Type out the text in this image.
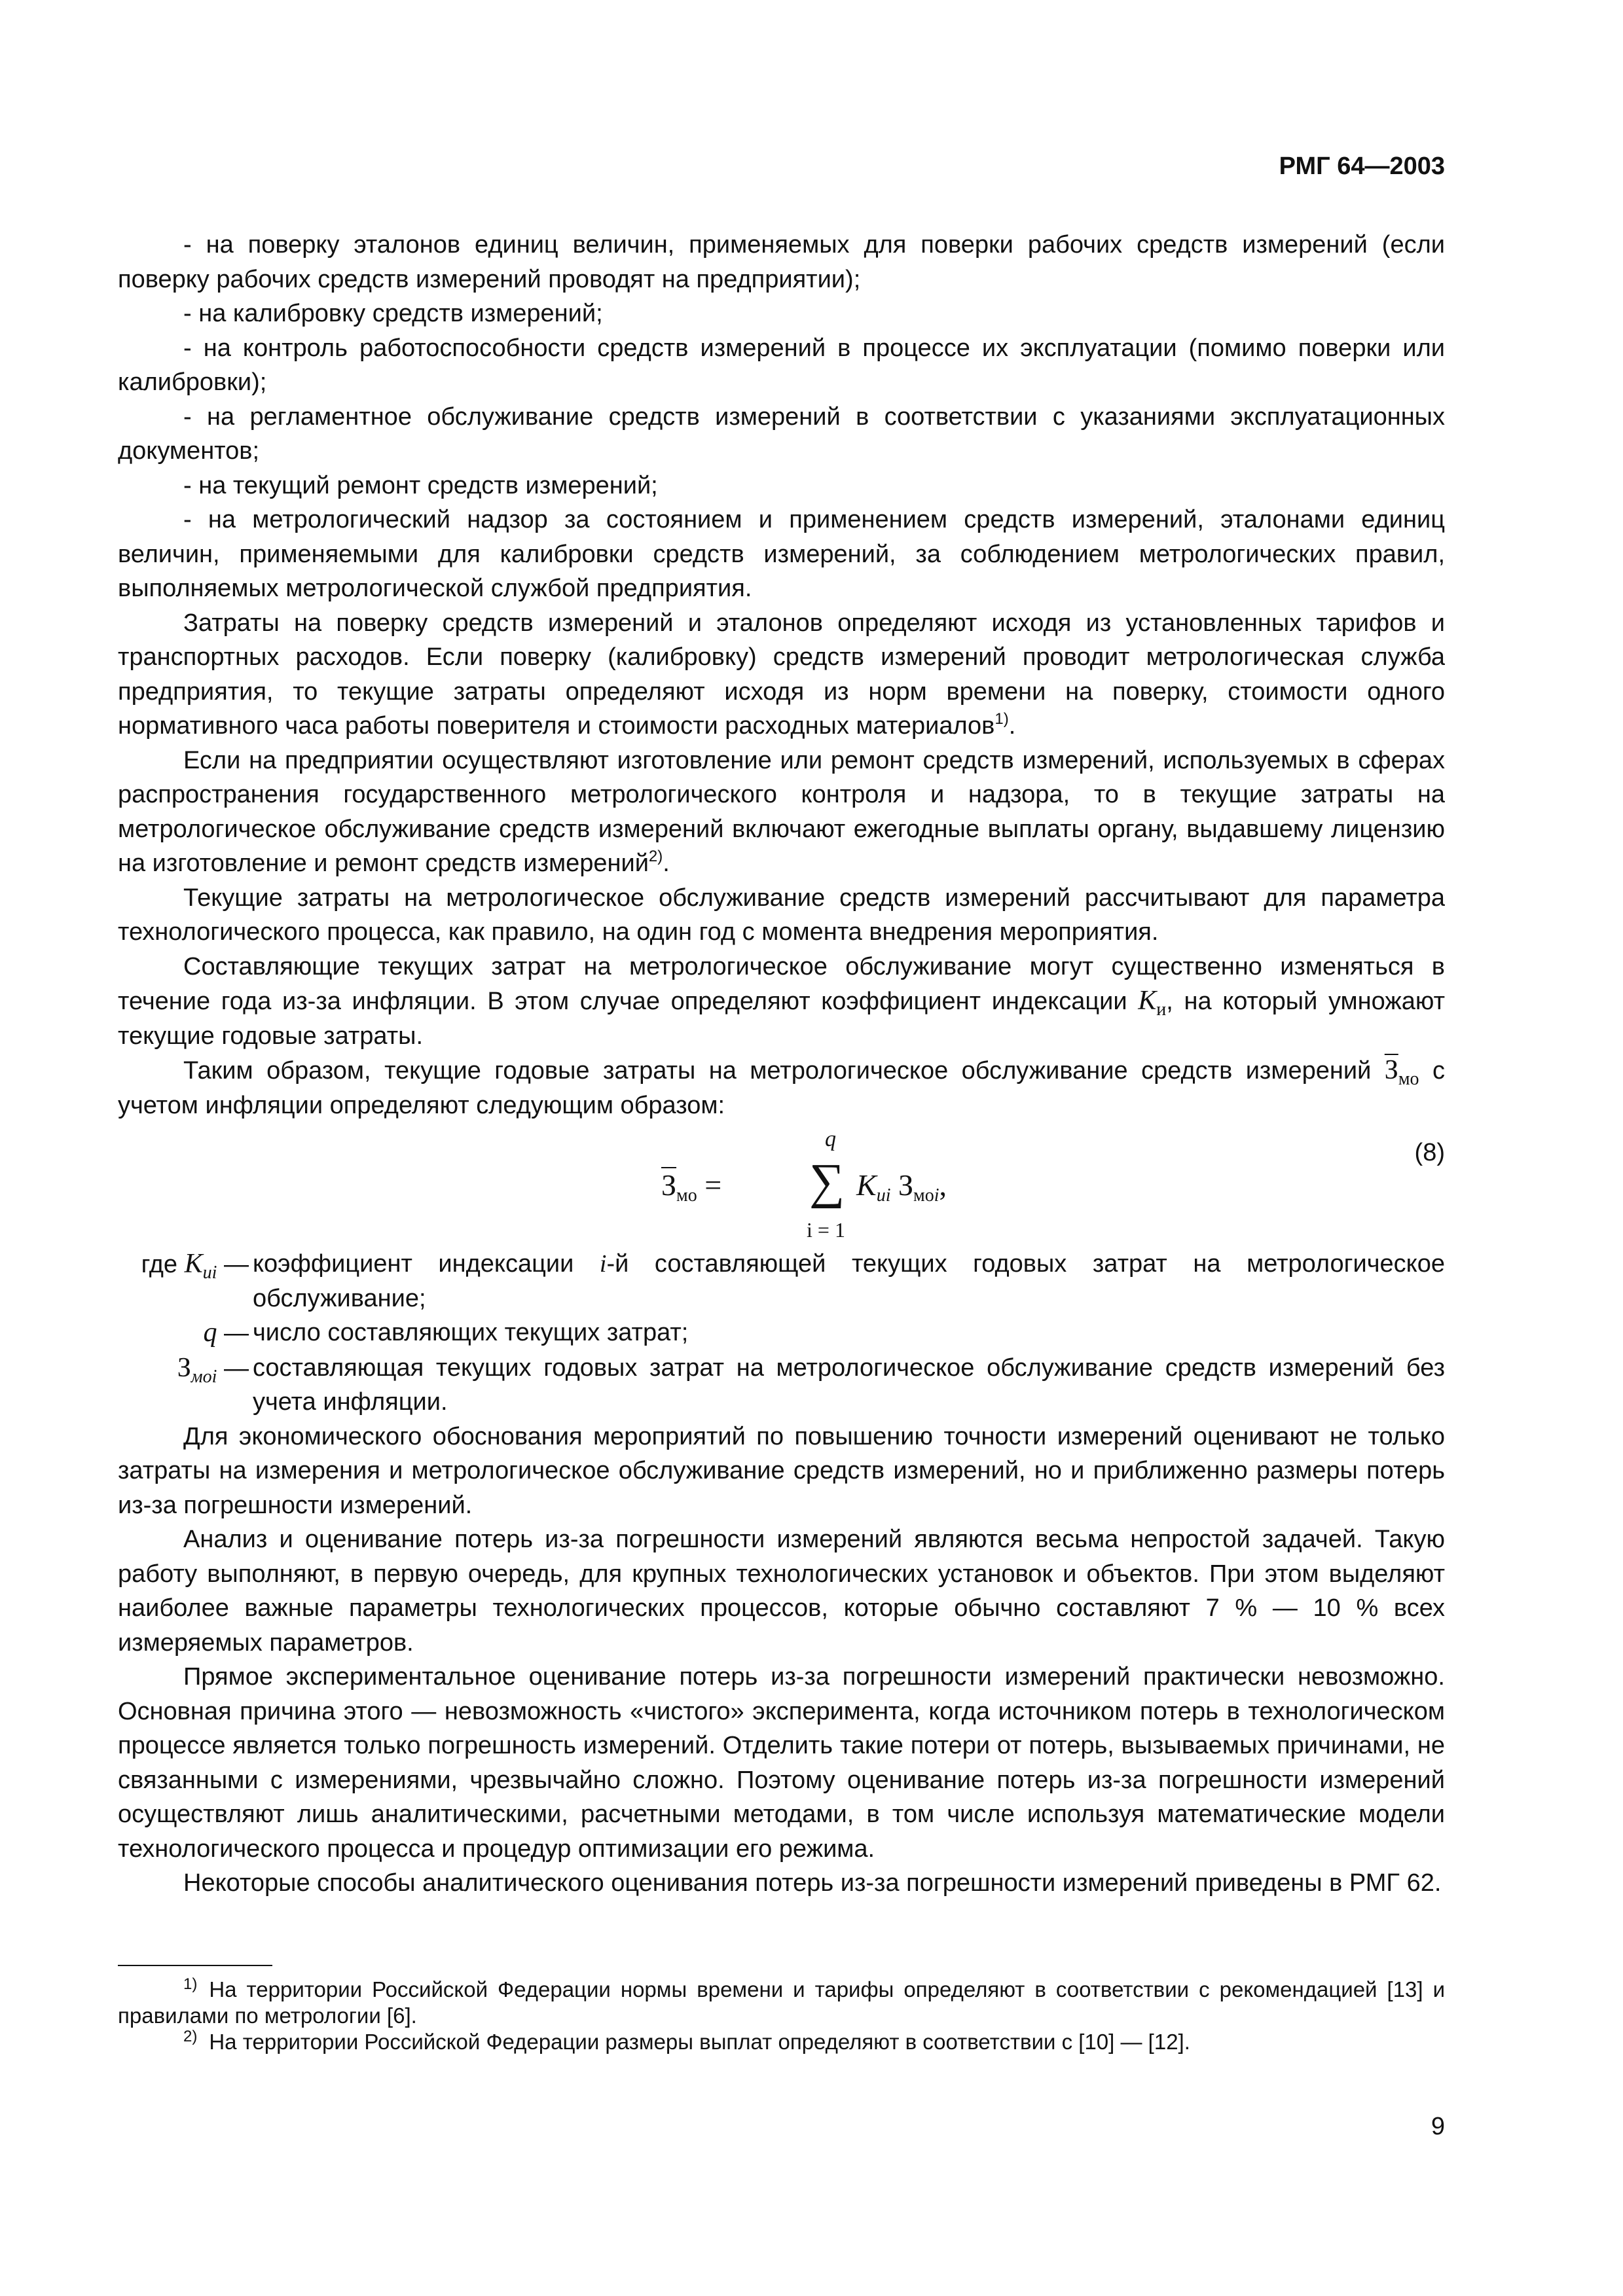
РМГ 64—2003

- на поверку эталонов единиц величин, применяемых для поверки рабочих средств измерений (если поверку рабочих средств измерений проводят на предприятии);

- на калибровку средств измерений;

- на контроль работоспособности средств измерений в процессе их эксплуатации (помимо поверки или калибровки);

- на регламентное обслуживание средств измерений в соответствии с указаниями эксплуатационных документов;

- на текущий ремонт средств измерений;

- на метрологический надзор за состоянием и применением средств измерений, эталонами единиц величин, применяемыми для калибровки средств измерений, за соблюдением метрологических правил, выполняемых метрологической службой предприятия.

Затраты на поверку средств измерений и эталонов определяют исходя из установленных тарифов и транспортных расходов. Если поверку (калибровку) средств измерений проводит метрологическая служба предприятия, то текущие затраты определяют исходя из норм времени на поверку, стоимости одного нормативного часа работы поверителя и стоимости расходных материалов$^{1)}$.

Если на предприятии осуществляют изготовление или ремонт средств измерений, используемых в сферах распространения государственного метрологического контроля и надзора, то в текущие затраты на метрологическое обслуживание средств измерений включают ежегодные выплаты органу, выдавшему лицензию на изготовление и ремонт средств измерений$^{2)}$.

Текущие затраты на метрологическое обслуживание средств измерений рассчитывают для параметра технологического процесса, как правило, на один год с момента внедрения мероприятия.

Составляющие текущих затрат на метрологическое обслуживание могут существенно изменяться в течение года из-за инфляции. В этом случае определяют коэффициент индексации $K_и$, на который умножают текущие годовые затраты.

Таким образом, текущие годовые затраты на метрологическое обслуживание средств измерений $З_{мо}$ с учетом инфляции определяют следующим образом:

$З_{мо}$ =
q
∑
i = 1
$K_{иi}$ $З_{моi}$,
(8)
где $K_{иi}$ — коэффициент индексации i-й составляющей текущих годовых затрат на метрологическое обслуживание;
q — число составляющих текущих затрат;
$З_{моi}$ — составляющая текущих годовых затрат на метрологическое обслуживание средств измерений без учета инфляции.

Для экономического обоснования мероприятий по повышению точности измерений оценивают не только затраты на измерения и метрологическое обслуживание средств измерений, но и приближенно размеры потерь из-за погрешности измерений.

Анализ и оценивание потерь из-за погрешности измерений являются весьма непростой задачей. Такую работу выполняют, в первую очередь, для крупных технологических установок и объектов. При этом выделяют наиболее важные параметры технологических процессов, которые обычно составляют 7 % — 10 % всех измеряемых параметров.

Прямое экспериментальное оценивание потерь из-за погрешности измерений практически невозможно. Основная причина этого — невозможность «чистого» эксперимента, когда источником потерь в технологическом процессе является только погрешность измерений. Отделить такие потери от потерь, вызываемых причинами, не связанными с измерениями, чрезвычайно сложно. Поэтому оценивание потерь из-за погрешности измерений осуществляют лишь аналитическими, расчетными методами, в том числе используя математические модели технологического процесса и процедур оптимизации его режима.

Некоторые способы аналитического оценивания потерь из-за погрешности измерений приведены в РМГ 62.

$^{1)}$ На территории Российской Федерации нормы времени и тарифы определяют в соответствии с рекомендацией [13] и правилами по метрологии [6].

$^{2)}$ На территории Российской Федерации размеры выплат определяют в соответствии с [10] — [12].

9
